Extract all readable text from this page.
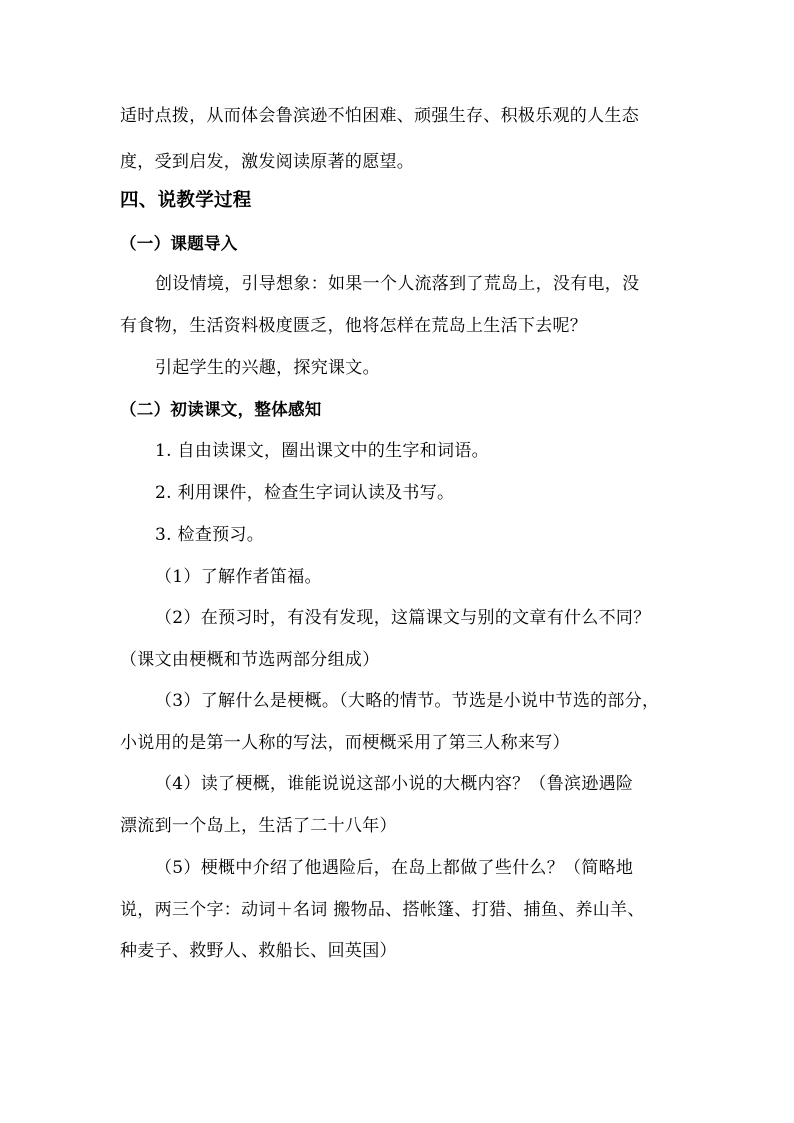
适时点拨，从而体会鲁滨逊不怕困难、顽强生存、积极乐观的人生态
度，受到启发，激发阅读原著的愿望。
四、说教学过程
（一）课题导入
创设情境，引导想象：如果一个人流落到了荒岛上，没有电，没
有食物，生活资料极度匮乏，他将怎样在荒岛上生活下去呢？
引起学生的兴趣，探究课文。
（二）初读课文，整体感知
1. 自由读课文，圈出课文中的生字和词语。
2. 利用课件，检查生字词认读及书写。
3. 检查预习。
（1）了解作者笛福。
（2）在预习时，有没有发现，这篇课文与别的文章有什么不同？
（课文由梗概和节选两部分组成）
（3）了解什么是梗概。（大略的情节。节选是小说中节选的部分，
小说用的是第一人称的写法，而梗概采用了第三人称来写）
（4）读了梗概，谁能说说这部小说的大概内容？（鲁滨逊遇险
漂流到一个岛上，生活了二十八年）
（5）梗概中介绍了他遇险后，在岛上都做了些什么？（简略地
说，两三个字：动词＋名词 搬物品、搭帐篷、打猎、捕鱼、养山羊、
种麦子、救野人、救船长、回英国）
